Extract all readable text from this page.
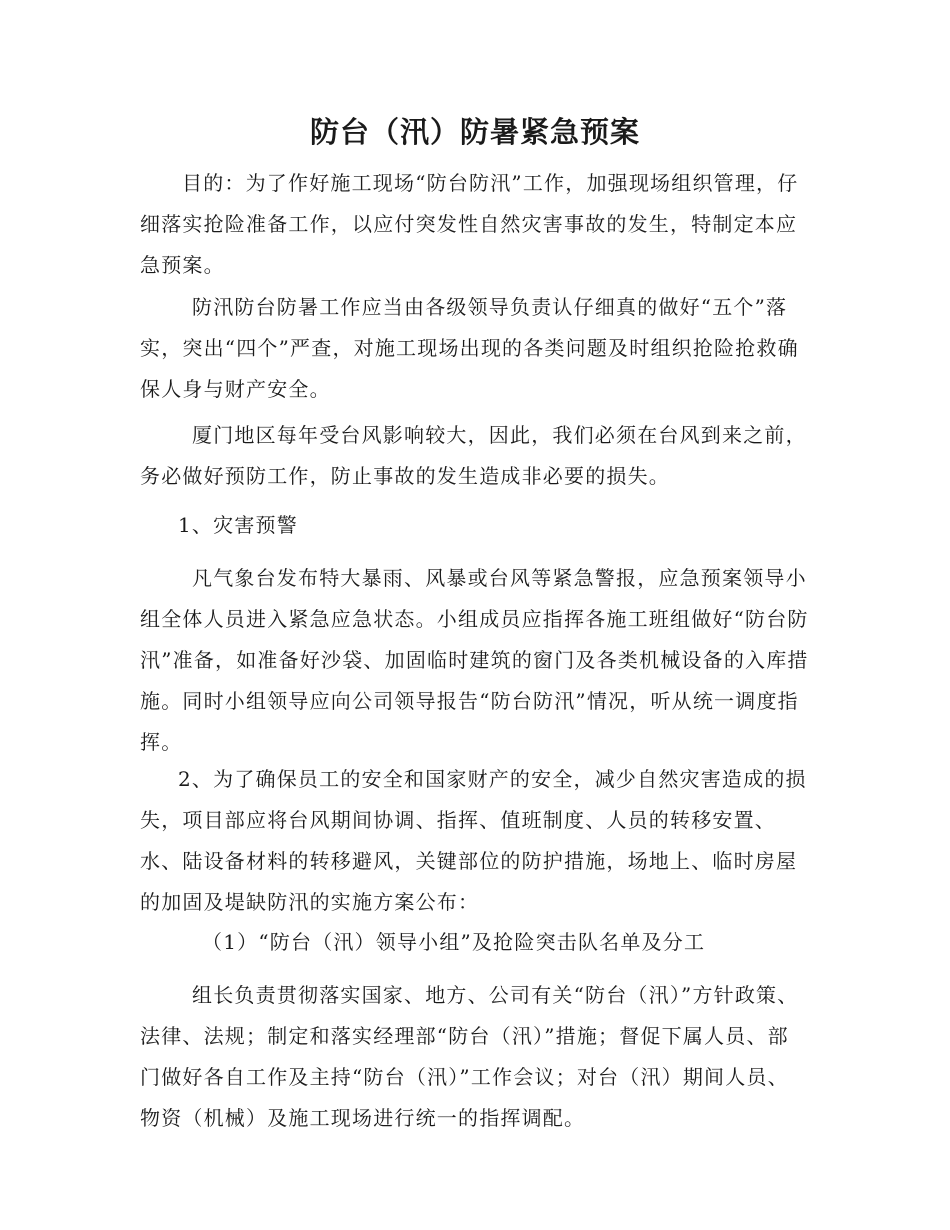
防台（汛）防暑紧急预案

目的：为了作好施工现场“防台防汛”工作，加强现场组织管理，仔细落实抢险准备工作，以应付突发性自然灾害事故的发生，特制定本应急预案。

防汛防台防暑工作应当由各级领导负责认仔细真的做好“五个”落实，突出“四个”严查，对施工现场出现的各类问题及时组织抢险抢救确保人身与财产安全。

厦门地区每年受台风影响较大，因此，我们必须在台风到来之前，务必做好预防工作，防止事故的发生造成非必要的损失。

1、灾害预警

凡气象台发布特大暴雨、风暴或台风等紧急警报，应急预案领导小组全体人员进入紧急应急状态。小组成员应指挥各施工班组做好“防台防汛”准备，如准备好沙袋、加固临时建筑的窗门及各类机械设备的入库措施。同时小组领导应向公司领导报告“防台防汛”情况，听从统一调度指挥。

2、为了确保员工的安全和国家财产的安全，减少自然灾害造成的损失，项目部应将台风期间协调、指挥、值班制度、人员的转移安置、水、陆设备材料的转移避风，关键部位的防护措施，场地上、临时房屋的加固及堤缺防汛的实施方案公布：

（1）“防台（汛）领导小组”及抢险突击队名单及分工

组长负责贯彻落实国家、地方、公司有关“防台（汛）”方针政策、法律、法规；制定和落实经理部“防台（汛）”措施；督促下属人员、部门做好各自工作及主持“防台（汛）”工作会议；对台（汛）期间人员、物资（机械）及施工现场进行统一的指挥调配。
